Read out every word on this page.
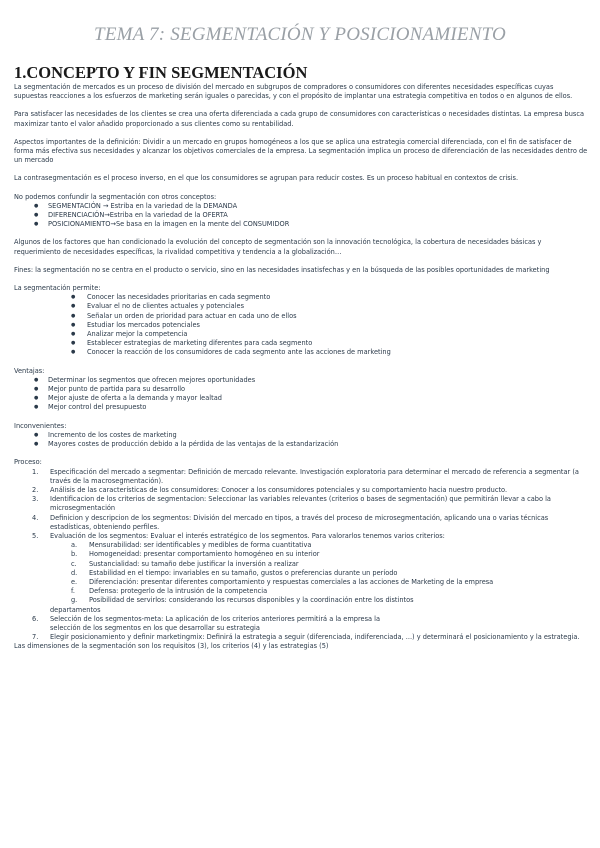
TEMA 7: SEGMENTACIÓN Y POSICIONAMIENTO
1.CONCEPTO Y FIN SEGMENTACIÓN

La segmentación de mercados es un proceso de división del mercado en subgrupos de compradores o consumidores con diferentes necesidades específicas cuyas supuestas reacciones a los esfuerzos de marketing serán iguales o parecidas, y con el propósito de implantar una estrategia competitiva en todos o en algunos de ellos.

Para satisfacer las necesidades de los clientes se crea una oferta diferenciada a cada grupo de consumidores con características o necesidades distintas. La empresa busca maximizar tanto el valor añadido proporcionado a sus clientes como su rentabilidad.

Aspectos importantes de la definición: Dividir a un mercado en grupos homogéneos a los que se aplica una estrategia comercial diferenciada, con el fin de satisfacer de forma más efectiva sus necesidades y alcanzar los objetivos comerciales de la empresa. La segmentación implica un proceso de diferenciación de las necesidades dentro de un mercado

La contrasegmentación es el proceso inverso, en el que los consumidores se agrupan para reducir costes. Es un proceso habitual en contextos de crisis.

No podemos confundir la segmentación con otros conceptos:

● SEGMENTACIÓN → Estriba en la variedad de la DEMANDA
● DIFERENCIACIÓN→Estriba en la variedad de la OFERTA
● POSICIONAMIENTO→Se basa en la imagen en la mente del CONSUMIDOR

Algunos de los factores que han condicionado la evolución del concepto de segmentación son la innovación tecnológica, la cobertura de necesidades básicas y requerimiento de necesidades específicas, la rivalidad competitiva y tendencia a la globalización…

Fines: la segmentación no se centra en el producto o servicio, sino en las necesidades insatisfechas y en la búsqueda de las posibles oportunidades de marketing

La segmentación permite:

● Conocer las necesidades prioritarias en cada segmento
● Evaluar el no de clientes actuales y potenciales
● Señalar un orden de prioridad para actuar en cada uno de ellos
● Estudiar los mercados potenciales
● Analizar mejor la competencia
● Establecer estrategias de marketing diferentes para cada segmento
● Conocer la reacción de los consumidores de cada segmento ante las acciones de marketing

Ventajas:

● Determinar los segmentos que ofrecen mejores oportunidades
● Mejor punto de partida para su desarrollo
● Mejor ajuste de oferta a la demanda y mayor lealtad
● Mejor control del presupuesto

Inconvenientes:

● Incremento de los costes de marketing
● Mayores costes de producción debido a la pérdida de las ventajas de la estandarización

Proceso:

1. Especificación del mercado a segmentar: Definición de mercado relevante. Investigación exploratoria para determinar el mercado de referencia a segmentar (a través de la macrosegmentación).
2. Análisis de las características de los consumidores: Conocer a los consumidores potenciales y su comportamiento hacia nuestro producto.
3. Identificacion de los criterios de segmentacion: Seleccionar las variables relevantes (criterios o bases de segmentación) que permitirán llevar a cabo la microsegmentación
4. Definicion y descripcion de los segmentos: División del mercado en tipos, a través del proceso de microsegmentación, aplicando una o varias técnicas estadísticas, obteniendo perfiles.
5. Evaluación de los segmentos: Evaluar el interés estratégico de los segmentos. Para valorarlos tenemos varios criterios:
a. Mensurabilidad: ser identificables y medibles de forma cuantitativa
b. Homogeneidad: presentar comportamiento homogéneo en su interior
c. Sustancialidad: su tamaño debe justificar la inversión a realizar
d. Estabilidad en el tiempo: invariables en su tamaño, gustos o preferencias durante un período
e. Diferenciación: presentar diferentes comportamiento y respuestas comerciales a las acciones de Marketing de la empresa
f. Defensa: protegerlo de la intrusión de la competencia
g. Posibilidad de servirlos: considerando los recursos disponibles y la coordinación entre los distintos

departamentos

6. Selección de los segmentos-meta: La aplicación de los criterios anteriores permitirá a la empresa la

selección de los segmentos en los que desarrollar su estrategia

7. Elegir posicionamiento y definir marketingmix: Definirá la estrategia a seguir (diferenciada, indiferenciada, ...) y determinará el posicionamiento y la estrategia.

Las dimensiones de la segmentación son los requisitos (3), los criterios (4) y las estrategias (5)
